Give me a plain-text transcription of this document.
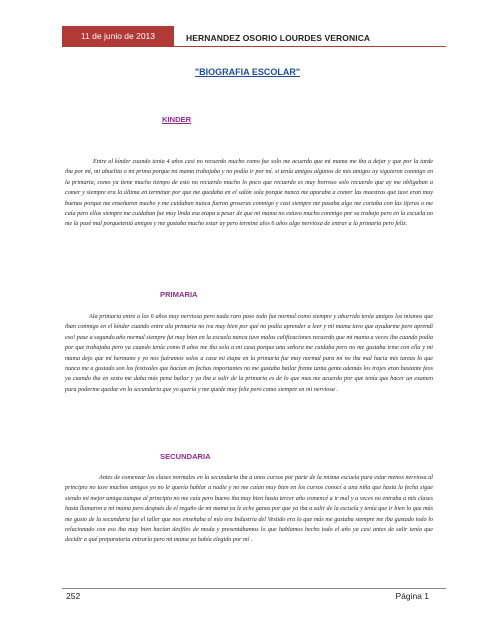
11 de junio de 2013	HERNANDEZ OSORIO LOURDES VERONICA
"BIOGRAFIA ESCOLAR"
KINDER
Entre al kínder cuando tenia 4 años casi no recuerdo mucho como fue solo me acuerdo que mi mama me iba a dejar y que por la tarde iba por mí, mi abuelita o mi prima porque mi mama trabajaba y no podía ir por mí. si tenía amigos algunos de mis amigos ay siguieron conmigo en la primaria, como ya tiene mucho tiempo de esto no recuerdo mucho lo poco que recuerdo es muy borroso solo recuerdo que ay me obligaban a comer y siempre era la última en terminar por que me quedaba en el salón sola porque nunca me apuraba a comer las maestras que tuve eran muy buenas porque me enseñaron mucho y me cuidaban nunca fueron groseras conmigo y casi siempre me pasaba algo me cortaba con las tijeras o me caía pero ellas siempre me cuidaban fue muy linda esa etapa a pesar de que mi mama no estuvo mucho conmigo por su trabajo pero en la escuela no me la pasé mal porqueteniá amigos y me gustaba mucho estar ay pero termine alos 6 años algo nerviosa de entrar a la primaria pero feliz.
PRIMARIA
Ala primaria entre a los 6 años muy nerviosa pero nada raro paso todo fue normal como siempre y aburrido tenía amigos los mismos que iban conmigo en el kínder cuando entre ala primaria no iva muy bien por qué no podía aprender a leer y mi mama tuvo que ayudarme pero aprendí eso! pase a segundo año normal siempre fui muy bien en la escuela nunca tuve malas calificaciones recuerdo que mi mama a veces iba cuando podía por que trabajaba pero ya cuando tenía como 8 años me iba sola a mi casa porque una señora me cuidaba pero no me gustaba irme con ella y mi mama dejo que mi hermano y yo nos fuéramos solos a casa mi etapa en la primaria fue muy normal para mí no iba mal hacia mis tareas lo que nunca me a gustado son los festivales que hacían en fechas importantes no me gustaba bailar frente tanta gente además los trajes eran bastante feos ya cuando iba en sexto me daba más pena bailar y ya iba a salir de la primaria es de lo que mas me acuerdo por que tenía que hacer un examen para poderme quedar en la secundaria que yo quería y me quede muy feliz pero como siempre en mi nerviosa .
SECUNDARIA
Antes de comenzar las clases normales en la secundaria iba a unos cursos por parte de la misma escuela para estar menos nerviosa al principio no tuve muchos amigos yo no le quería hablar a nadie y no me caían muy bien en los cursos conocí a una niña que hasta la fecha sigue siendo mi mejor amiga aunque al principio no me caía pero bueno iba muy bien hasta tercer año comencé a ir mal y a veces no entraba a mis clases hasta llamaron a mi mama pero después de el regaño de mi mama ya le eche ganas por que ya iba a salir de la escuela y tenía que ir bien lo que más me gusto de la secundaria fue el taller que nos enseñaba el mío era Industria del Vestido era lo que más me gustaba siempre me iba gustado todo lo relacionado con eso iba muy bien hacían desfiles de moda y presentábamos lo que hablamos hecho todo el año ya casi antes de salir tenía que decidir a qué preparatoria entraría pero mi mama ya había elegido por mí .
252	Página 1
